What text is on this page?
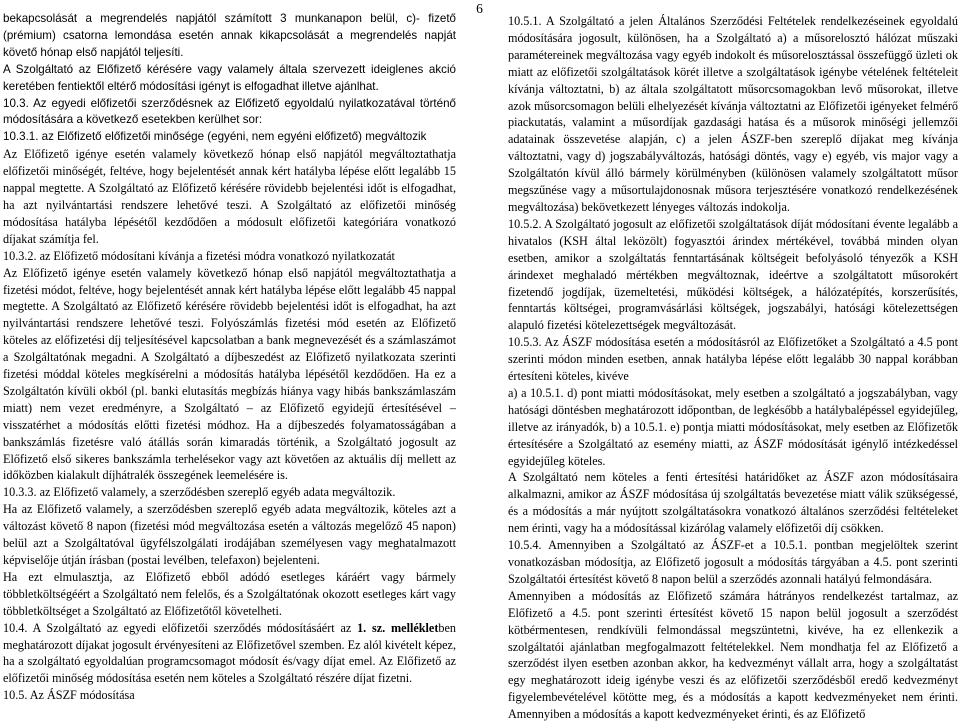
6

bekapcsolását a megrendelés napjától számított 3 munkanapon belül, c)- fizető (prémium) csatorna lemondása esetén annak kikapcsolását a megrendelés napját követő hónap első napjától teljesíti.

A Szolgáltató az Előfizető kérésére vagy valamely általa szervezett ideiglenes akció keretében fentiektől eltérő módosítási igényt is elfogadhat illetve ajánlhat.

10.3. Az egyedi előfizetői szerződésnek az Előfizető egyoldalú nyilatkozatával történő módosítására a következő esetekben kerülhet sor:

10.3.1. az Előfizető előfizetői minősége (egyéni, nem egyéni előfizető) megváltozik

Az Előfizető igénye esetén valamely következő hónap első napjától megváltoztathatja előfizetői minőségét, feltéve, hogy bejelentését annak kért hatályba lépése előtt legalább 15 nappal megtette. A Szolgáltató az Előfizető kérésére rövidebb bejelentési időt is elfogadhat, ha azt nyilvántartási rendszere lehetővé teszi. A Szolgáltató az előfizetői minőség módosítása hatályba lépésétől kezdődően a módosult előfizetői kategóriára vonatkozó díjakat számítja fel.

10.3.2. az Előfizető módosítani kívánja a fizetési módra vonatkozó nyilatkozatát

Az Előfizető igénye esetén valamely következő hónap első napjától megváltoztathatja a fizetési módot, feltéve, hogy bejelentését annak kért hatályba lépése előtt legalább 45 nappal megtette. A Szolgáltató az Előfizető kérésére rövidebb bejelentési időt is elfogadhat, ha azt nyilvántartási rendszere lehetővé teszi. Folyószámlás fizetési mód esetén az Előfizető köteles az előfizetési díj teljesítésével kapcsolatban a bank megnevezését és a számlaszámot a Szolgáltatónak megadni. A Szolgáltató a díjbeszedést az Előfizető nyilatkozata szerinti fizetési móddal köteles megkísérelni a módosítás hatályba lépésétől kezdődően. Ha ez a Szolgáltatón kívüli okból (pl. banki elutasítás megbízás hiánya vagy hibás bankszámlaszám miatt) nem vezet eredményre, a Szolgáltató – az Előfizető egyidejű értesítésével – visszatérhet a módosítás előtti fizetési módhoz. Ha a díjbeszedés folyamatosságában a bankszámlás fizetésre való átállás során kimaradás történik, a Szolgáltató jogosult az Előfizető első sikeres bankszámla terhelésekor vagy azt követően az aktuális díj mellett az időközben kialakult díjhátralék összegének leemelésére is.

10.3.3. az Előfizető valamely, a szerződésben szereplő egyéb adata megváltozik.

Ha az Előfizető valamely, a szerződésben szereplő egyéb adata megváltozik, köteles azt a változást követő 8 napon (fizetési mód megváltozása esetén a változás megelőző 45 napon) belül azt a Szolgáltatóval ügyfélszolgálati irodájában személyesen vagy meghatalmazott képviselője útján írásban (postai levélben, telefaxon) bejelenteni.

Ha ezt elmulasztja, az Előfizető ebből adódó esetleges káráért vagy bármely többletköltségéért a Szolgáltató nem felelős, és a Szolgáltatónak okozott esetleges kárt vagy többletköltséget a Szolgáltató az Előfizetőtől követelheti.

10.4. A Szolgáltató az egyedi előfizetői szerződés módosításáért az 1. sz. mellékletben meghatározott díjakat jogosult érvényesíteni az Előfizetővel szemben. Ez alól kivételt képez, ha a szolgáltató egyoldalúan programcsomagot módosít és/vagy díjat emel. Az Előfizető az előfizetői minőség módosítása esetén nem köteles a Szolgáltató részére díjat fizetni.

10.5. Az ÁSZF módosítása

10.5.1. A Szolgáltató a jelen Általános Szerződési Feltételek rendelkezéseinek egyoldalú módosítására jogosult, különösen, ha a Szolgáltató a) a műsorelosztó hálózat műszaki paramétereinek megváltozása vagy egyéb indokolt és műsorelosztással összefüggő üzleti ok miatt az előfizetői szolgáltatások körét illetve a szolgáltatások igénybe vételének feltételeit kívánja változtatni, b) az általa szolgáltatott műsorcsomagokban levő műsorokat, illetve azok műsorcsomagon belüli elhelyezését kívánja változtatni az Előfizetői igényeket felmérő piackutatás, valamint a műsordíjak gazdasági hatása és a műsorok minőségi jellemzői adatainak összevetése alapján, c) a jelen ÁSZF-ben szereplő díjakat meg kívánja változtatni, vagy d) jogszabályváltozás, hatósági döntés, vagy e) egyéb, vis major vagy a Szolgáltatón kívül álló bármely körülményben (különösen valamely szolgáltatott műsor megszűnése vagy a műsortulajdonosnak műsora terjesztésére vonatkozó rendelkezésének megváltozása) bekövetkezett lényeges változás indokolja.

10.5.2. A Szolgáltató jogosult az előfizetői szolgáltatások díját módosítani évente legalább a hivatalos (KSH által leközölt) fogyasztói árindex mértékével, továbbá minden olyan esetben, amikor a szolgáltatás fenntartásának költségeit befolyásoló tényezők a KSH árindexet meghaladó mértékben megváltoznak, ideértve a szolgáltatott műsorokért fizetendő jogdíjak, üzemeltetési, működési költségek, a hálózatépítés, korszerűsítés, fenntartás költségei, programvásárlási költségek, jogszabályi, hatósági kötelezettségen alapuló fizetési kötelezettségek megváltozását.

10.5.3. Az ÁSZF módosítása esetén a módosításról az Előfizetőket a Szolgáltató a 4.5 pont szerinti módon minden esetben, annak hatályba lépése előtt legalább 30 nappal korábban értesíteni köteles, kivéve

a) a 10.5.1. d) pont miatti módosításokat, mely esetben a szolgáltató a jogszabályban, vagy hatósági döntésben meghatározott időpontban, de legkésőbb a hatálybalépéssel egyidejűleg, illetve az irányadók, b) a 10.5.1. e) pontja miatti módosításokat, mely esetben az Előfizetők értesítésére a Szolgáltató az esemény miatti, az ÁSZF módosítását igénylő intézkedéssel egyidejűleg köteles.

A Szolgáltató nem köteles a fenti értesítési határidőket az ÁSZF azon módosításaira alkalmazni, amikor az ÁSZF módosítása új szolgáltatás bevezetése miatt válik szükségessé, és a módosítás a már nyújtott szolgáltatásokra vonatkozó általános szerződési feltételeket nem érinti, vagy ha a módosítással kizárólag valamely előfizetői díj csökken.

10.5.4. Amennyiben a Szolgáltató az ÁSZF-et a 10.5.1. pontban megjelöltek szerint vonatkozásban módosítja, az Előfizető jogosult a módosítás tárgyában a 4.5. pont szerinti Szolgáltatói értesítést követő 8 napon belül a szerződés azonnali hatályú felmondására.

Amennyiben a módosítás az Előfizető számára hátrányos rendelkezést tartalmaz, az Előfizető a 4.5. pont szerinti értesítést követő 15 napon belül jogosult a szerződést kötbérmentesen, rendkívüli felmondással megszüntetni, kivéve, ha ez ellenkezik a szolgáltatói ajánlatban megfogalmazott feltételekkel. Nem mondhatja fel az Előfizető a szerződést ilyen esetben azonban akkor, ha kedvezményt vállalt arra, hogy a szolgáltatást egy meghatározott ideig igénybe veszi és az előfizetői szerződésből eredő kedvezményt figyelembevételével kötötte meg, és a módosítás a kapott kedvezményeket nem érinti. Amennyiben a módosítás a kapott kedvezményeket érinti, és az Előfizető
